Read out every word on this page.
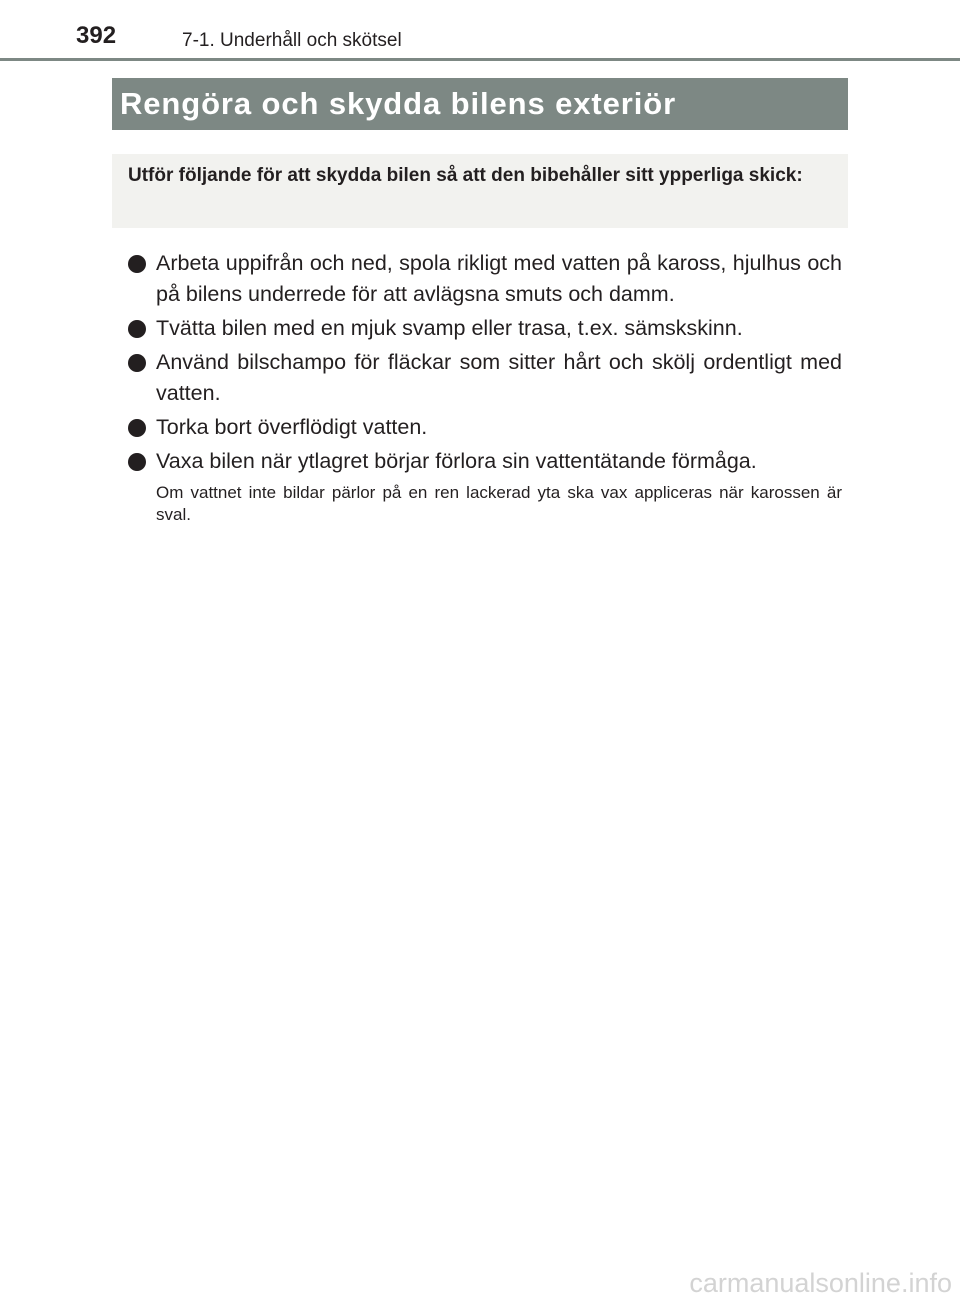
392	7-1. Underhåll och skötsel
Rengöra och skydda bilens exteriör
Utför följande för att skydda bilen så att den bibehåller sitt ypperliga skick:
Arbeta uppifrån och ned, spola rikligt med vatten på kaross, hjulhus och på bilens underrede för att avlägsna smuts och damm.
Tvätta bilen med en mjuk svamp eller trasa, t.ex. sämskskinn.
Använd bilschampo för fläckar som sitter hårt och skölj ordentligt med vatten.
Torka bort överflödigt vatten.
Vaxa bilen när ytlagret börjar förlora sin vattentätande förmåga.
Om vattnet inte bildar pärlor på en ren lackerad yta ska vax appliceras när karossen är sval.
carmanualsonline.info
